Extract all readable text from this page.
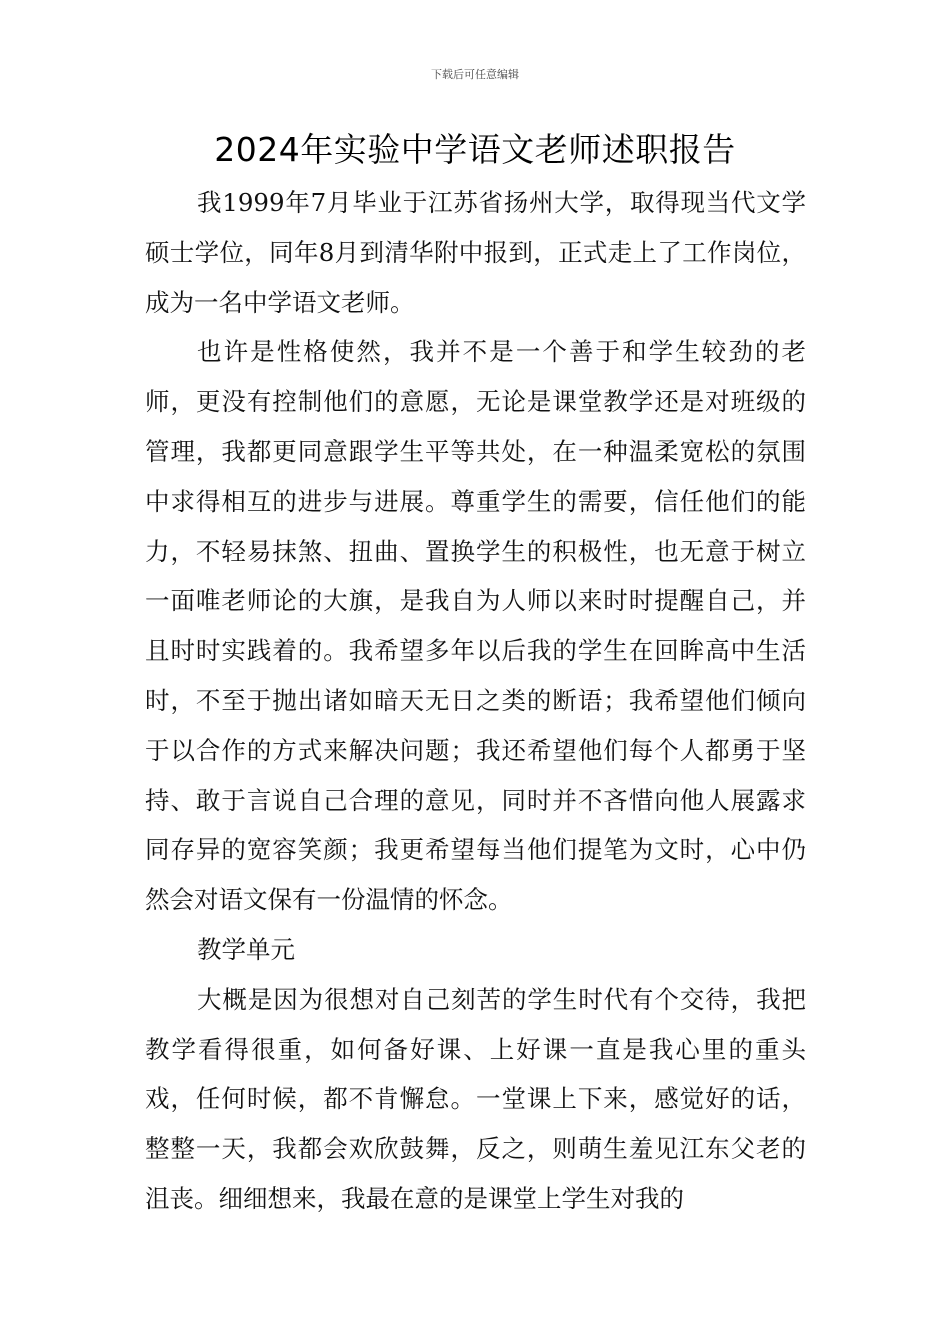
下载后可任意编辑
2024年实验中学语文老师述职报告

我1999年7月毕业于江苏省扬州大学，取得现当代文学硕士学位，同年8月到清华附中报到，正式走上了工作岗位，成为一名中学语文老师。

也许是性格使然，我并不是一个善于和学生较劲的老师，更没有控制他们的意愿，无论是课堂教学还是对班级的管理，我都更同意跟学生平等共处，在一种温柔宽松的氛围中求得相互的进步与进展。尊重学生的需要，信任他们的能力，不轻易抹煞、扭曲、置换学生的积极性，也无意于树立一面唯老师论的大旗，是我自为人师以来时时提醒自己，并且时时实践着的。我希望多年以后我的学生在回眸高中生活时，不至于抛出诸如暗天无日之类的断语；我希望他们倾向于以合作的方式来解决问题；我还希望他们每个人都勇于坚持、敢于言说自己合理的意见，同时并不吝惜向他人展露求同存异的宽容笑颜；我更希望每当他们提笔为文时，心中仍然会对语文保有一份温情的怀念。

教学单元

大概是因为很想对自己刻苦的学生时代有个交待，我把教学看得很重，如何备好课、上好课一直是我心里的重头戏，任何时候，都不肯懈怠。一堂课上下来，感觉好的话，整整一天，我都会欢欣鼓舞，反之，则萌生羞见江东父老的沮丧。细细想来，我最在意的是课堂上学生对我的
